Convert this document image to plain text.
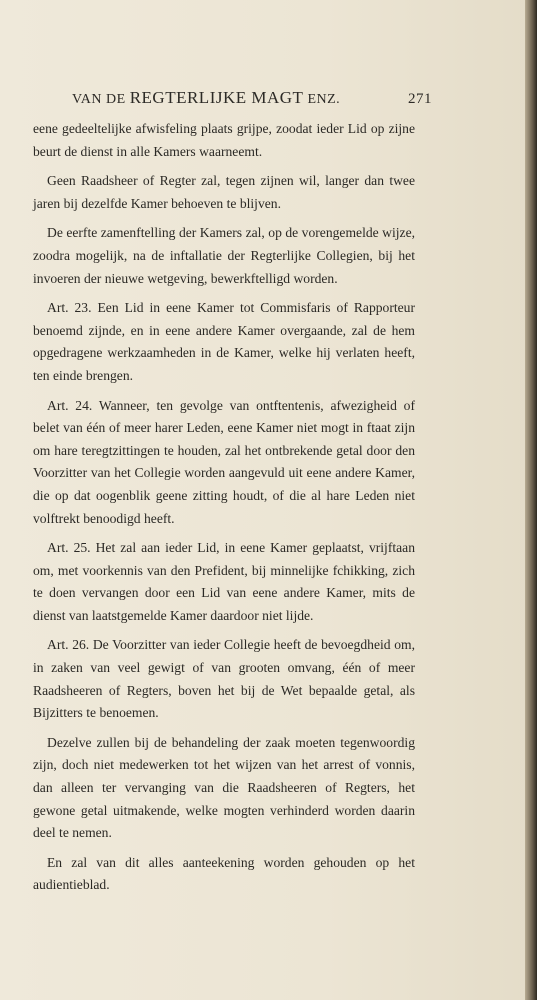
VAN DE REGTERLIJKE MAGT ENZ.	271

eene gedeeltelijke afwisfeling plaats grijpe, zoodat ieder Lid op zijne beurt de dienst in alle Kamers waarneemt.

Geen Raadsheer of Regter zal, tegen zijnen wil, langer dan twee jaren bij dezelfde Kamer behoeven te blijven.

De eerfte zamenftelling der Kamers zal, op de vorengemelde wijze, zoodra mogelijk, na de inftallatie der Regterlijke Collegien, bij het invoeren der nieuwe wetgeving, bewerkftelligd worden.

Art. 23. Een Lid in eene Kamer tot Commisfaris of Rapporteur benoemd zijnde, en in eene andere Kamer overgaande, zal de hem opgedragene werkzaamheden in de Kamer, welke hij verlaten heeft, ten einde brengen.

Art. 24. Wanneer, ten gevolge van ontftentenis, afwezigheid of belet van één of meer harer Leden, eene Kamer niet mogt in ftaat zijn om hare teregtzittingen te houden, zal het ontbrekende getal door den Voorzitter van het Collegie worden aangevuld uit eene andere Kamer, die op dat oogenblik geene zitting houdt, of die al hare Leden niet volftrekt benoodigd heeft.

Art. 25. Het zal aan ieder Lid, in eene Kamer geplaatst, vrijftaan om, met voorkennis van den Prefident, bij minnelijke fchikking, zich te doen vervangen door een Lid van eene andere Kamer, mits de dienst van laatstgemelde Kamer daardoor niet lijde.

Art. 26. De Voorzitter van ieder Collegie heeft de bevoegdheid om, in zaken van veel gewigt of van grooten omvang, één of meer Raadsheeren of Regters, boven het bij de Wet bepaalde getal, als Bijzitters te benoemen.

Dezelve zullen bij de behandeling der zaak moeten tegenwoordig zijn, doch niet medewerken tot het wijzen van het arrest of vonnis, dan alleen ter vervanging van die Raadsheeren of Regters, het gewone getal uitmakende, welke mogten verhinderd worden daarin deel te nemen.

En zal van dit alles aanteekening worden gehouden op het audientieblad.
